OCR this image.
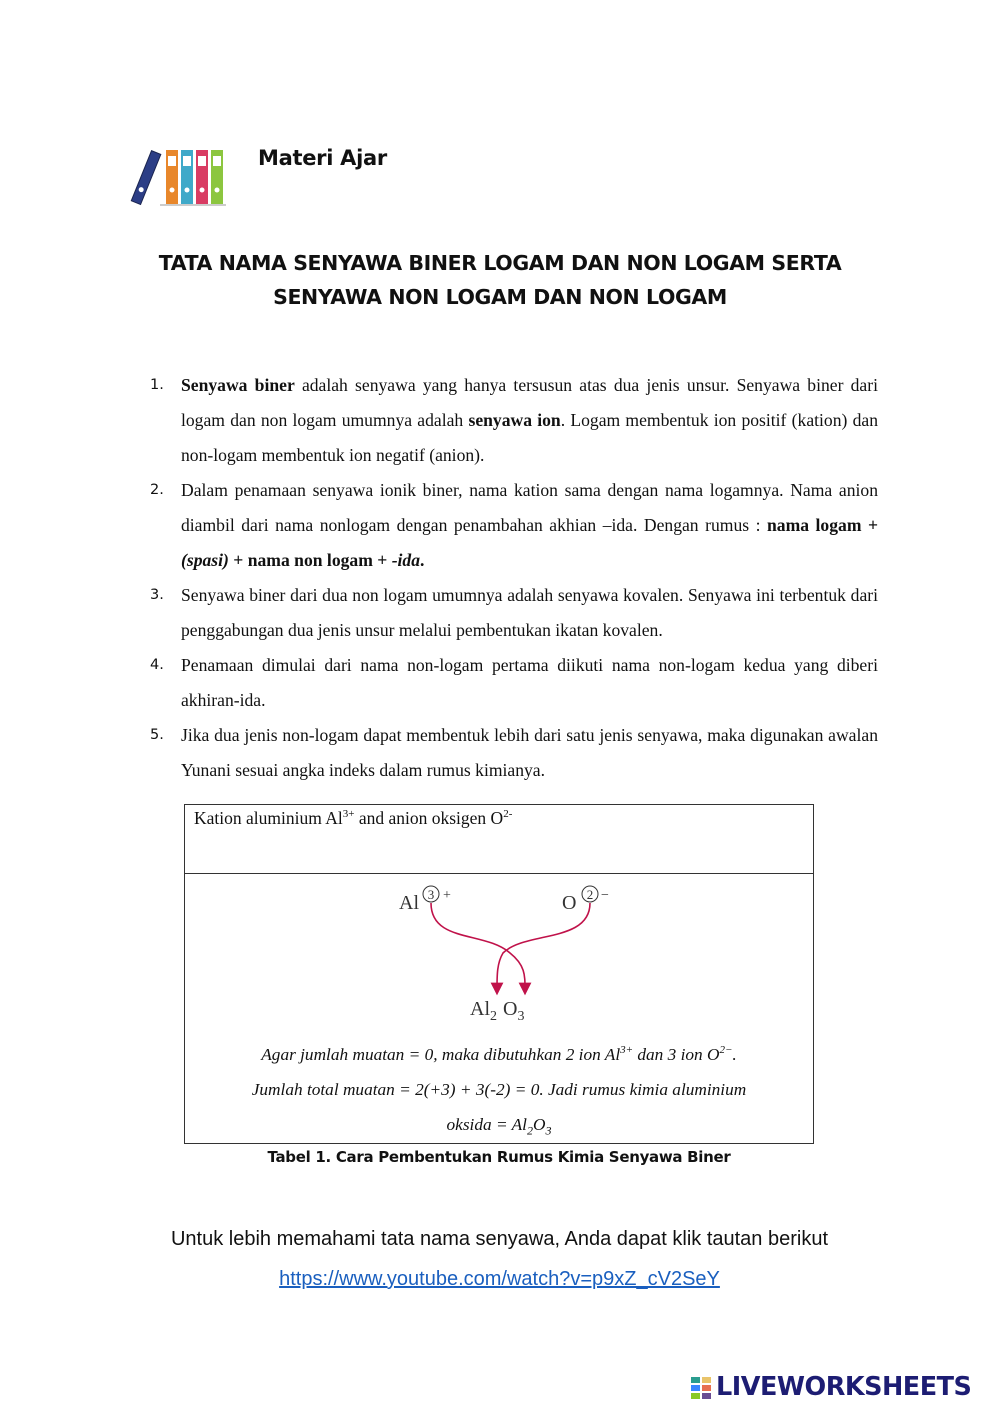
Materi Ajar
TATA NAMA SENYAWA BINER LOGAM DAN NON LOGAM SERTA
SENYAWA NON LOGAM DAN NON LOGAM
1. Senyawa biner adalah senyawa yang hanya tersusun atas dua jenis unsur. Senyawa biner dari logam dan non logam umumnya adalah senyawa ion. Logam membentuk ion positif (kation) dan non-logam membentuk ion negatif (anion).
2. Dalam penamaan senyawa ionik biner, nama kation sama dengan nama logamnya. Nama anion diambil dari nama nonlogam dengan penambahan akhian –ida. Dengan rumus : nama logam + (spasi) + nama non logam + -ida.
3. Senyawa biner dari dua non logam umumnya adalah senyawa kovalen. Senyawa ini terbentuk dari penggabungan dua jenis unsur melalui pembentukan ikatan kovalen.
4. Penamaan dimulai dari nama non-logam pertama diikuti nama non-logam kedua yang diberi akhiran-ida.
5. Jika dua jenis non-logam dapat membentuk lebih dari satu jenis senyawa, maka digunakan awalan Yunani sesuai angka indeks dalam rumus kimianya.
Kation aluminium $Al^{3+}$ and anion oksigen $O^{2-}$
Al 3 +	O 2 −
$Al_2$ $O_3$
Agar jumlah muatan = 0, maka dibutuhkan 2 ion $Al^{3+}$ dan 3 ion $O^{2-}$.
Jumlah total muatan = 2(+3) + 3(-2) = 0. Jadi rumus kimia aluminium
oksida = $Al_2O_3$
Tabel 1. Cara Pembentukan Rumus Kimia Senyawa Biner
Untuk lebih memahami tata nama senyawa, Anda dapat klik tautan berikut
https://www.youtube.com/watch?v=p9xZ_cV2SeY
LIVEWORKSHEETS
